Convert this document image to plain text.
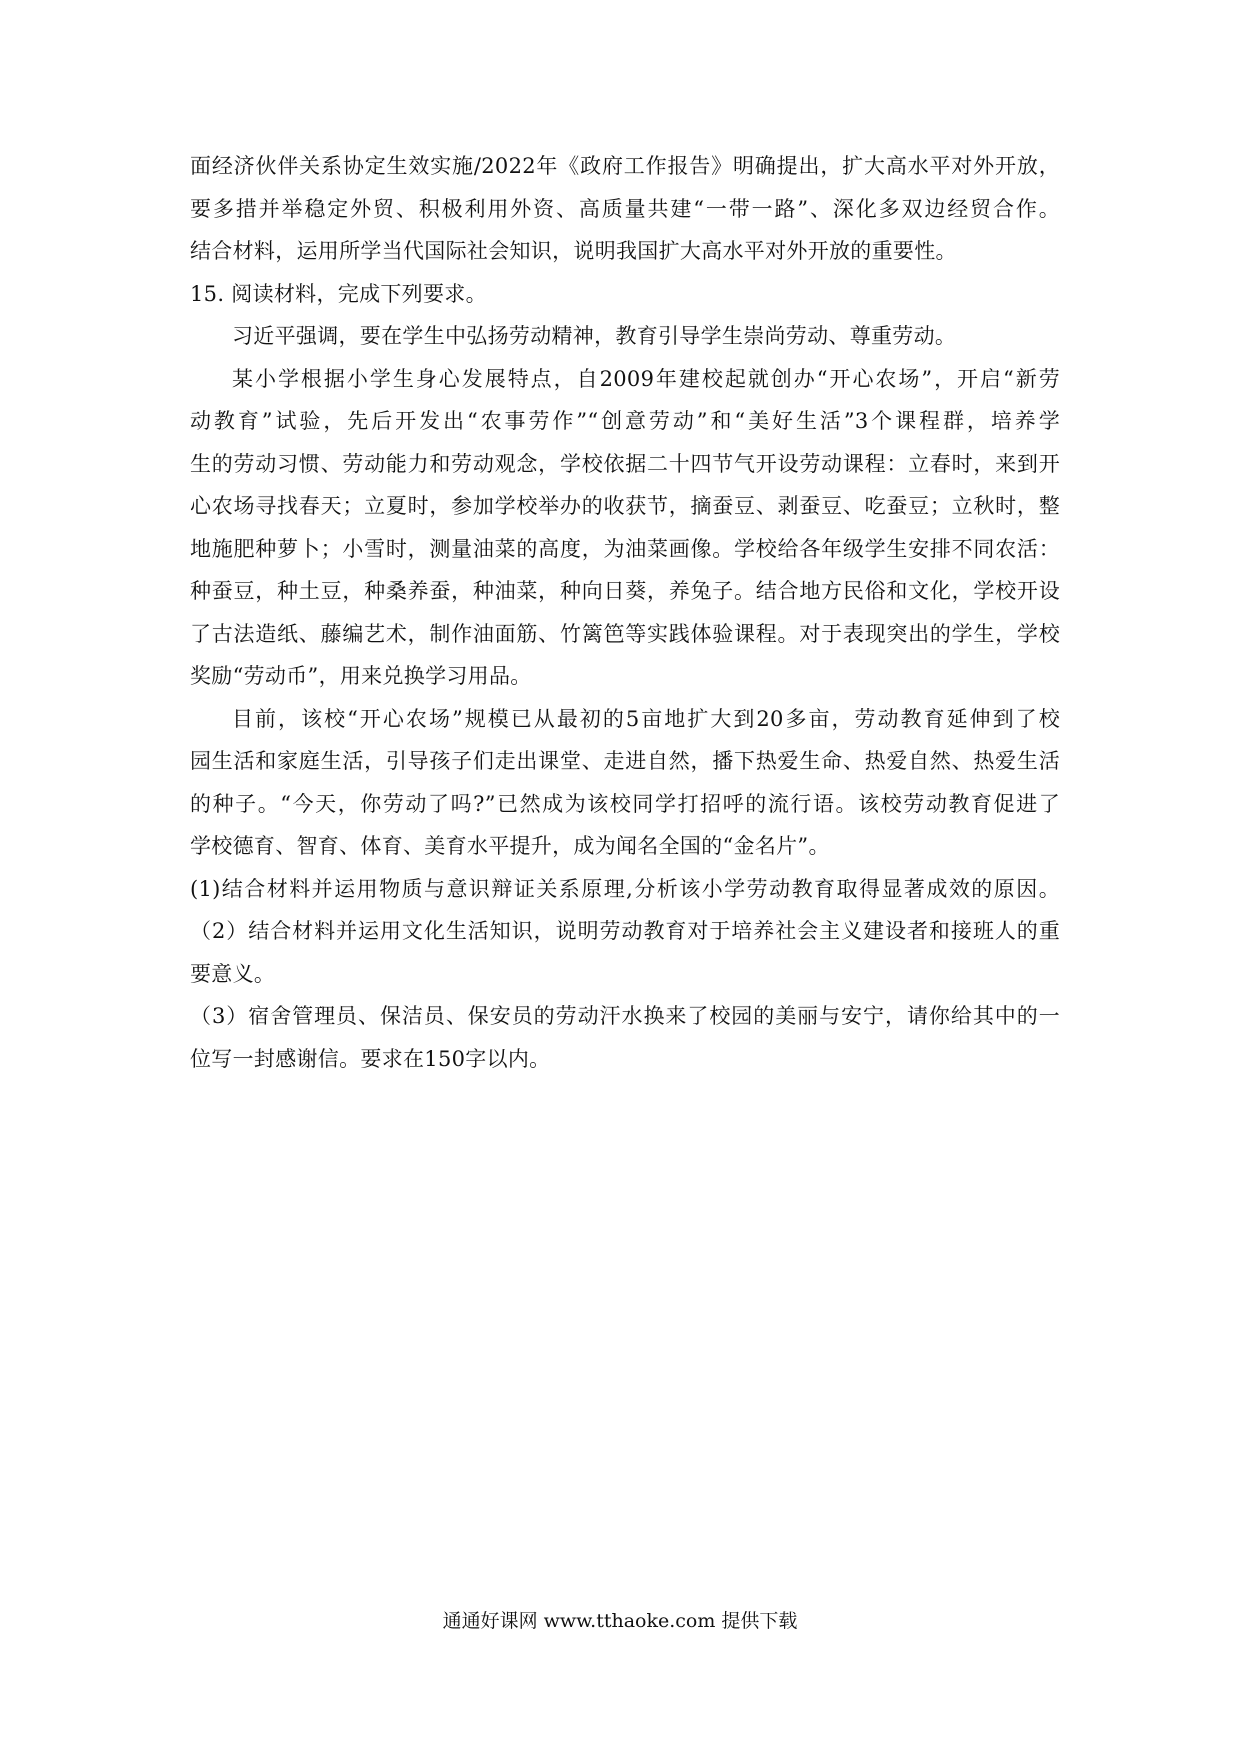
面经济伙伴关系协定生效实施/2022年《政府工作报告》明确提出，扩大高水平对外开放，
要多措并举稳定外贸、积极利用外资、高质量共建“一带一路”、深化多双边经贸合作。
结合材料，运用所学当代国际社会知识，说明我国扩大高水平对外开放的重要性。
15. 阅读材料，完成下列要求。
习近平强调，要在学生中弘扬劳动精神，教育引导学生崇尚劳动、尊重劳动。
某小学根据小学生身心发展特点，自2009年建校起就创办“开心农场”，开启“新劳
动教育”试验，先后开发出“农事劳作”“创意劳动”和“美好生活”3个课程群，培养学
生的劳动习惯、劳动能力和劳动观念，学校依据二十四节气开设劳动课程：立春时，来到开
心农场寻找春天；立夏时，参加学校举办的收获节，摘蚕豆、剥蚕豆、吃蚕豆；立秋时，整
地施肥种萝卜；小雪时，测量油菜的高度，为油菜画像。学校给各年级学生安排不同农活：
种蚕豆，种土豆，种桑养蚕，种油菜，种向日葵，养兔子。结合地方民俗和文化，学校开设
了古法造纸、藤编艺术，制作油面筋、竹篱笆等实践体验课程。对于表现突出的学生，学校
奖励“劳动币”，用来兑换学习用品。
目前，该校“开心农场”规模已从最初的5亩地扩大到20多亩，劳动教育延伸到了校
园生活和家庭生活，引导孩子们走出课堂、走进自然，播下热爱生命、热爱自然、热爱生活
的种子。“今天，你劳动了吗?”已然成为该校同学打招呼的流行语。该校劳动教育促进了
学校德育、智育、体育、美育水平提升，成为闻名全国的“金名片”。
(1)结合材料并运用物质与意识辩证关系原理,分析该小学劳动教育取得显著成效的原因。
（2）结合材料并运用文化生活知识，说明劳动教育对于培养社会主义建设者和接班人的重
要意义。
（3）宿舍管理员、保洁员、保安员的劳动汗水换来了校园的美丽与安宁，请你给其中的一
位写一封感谢信。要求在150字以内。
通通好课网 www.tthaoke.com 提供下载
